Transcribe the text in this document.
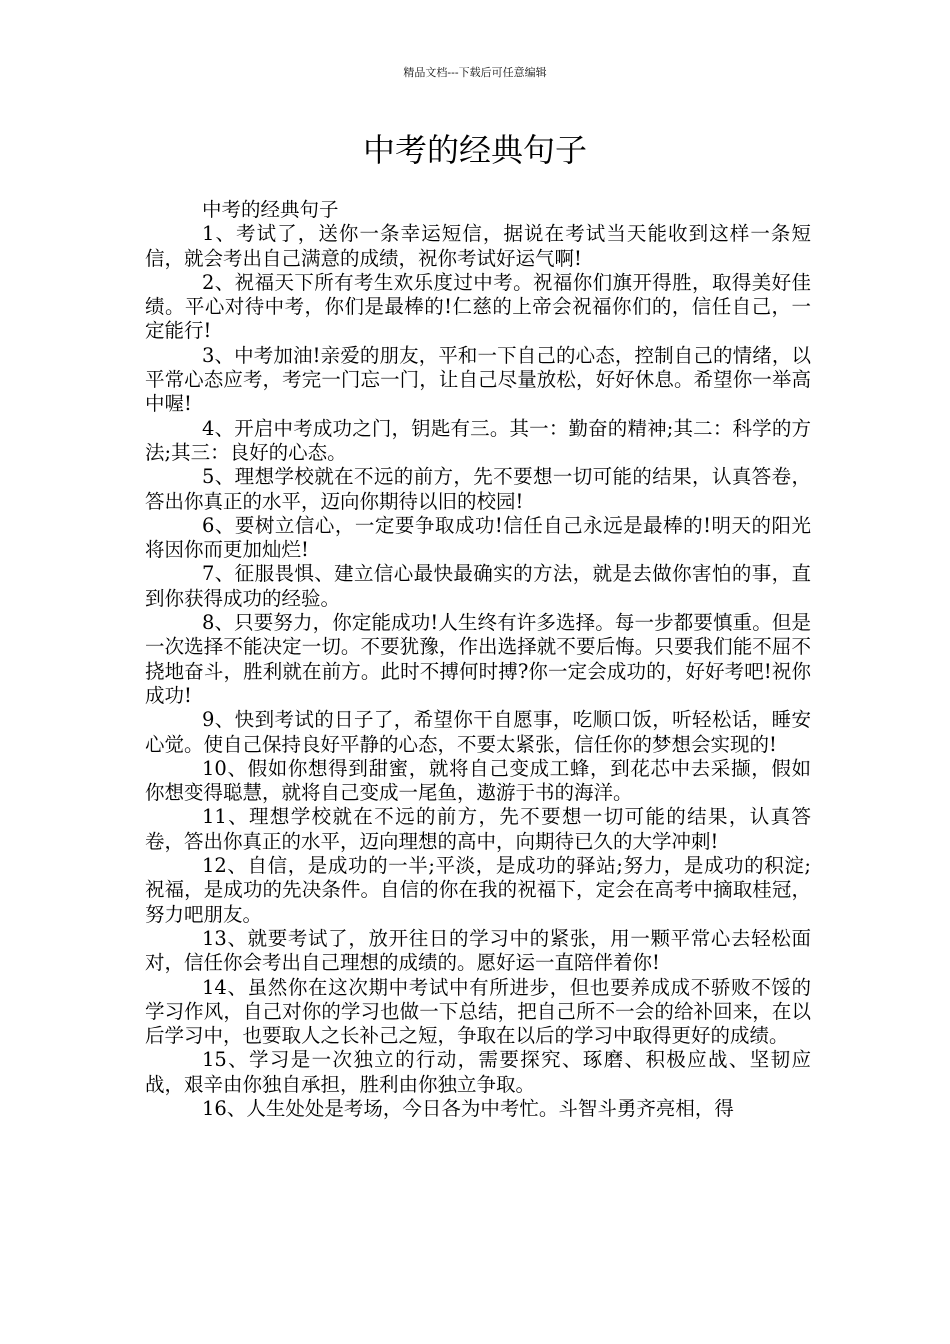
精品文档---下载后可任意编辑
中考的经典句子

中考的经典句子

1、考试了，送你一条幸运短信，据说在考试当天能收到这样一条短信，就会考出自己满意的成绩，祝你考试好运气啊!

2、祝福天下所有考生欢乐度过中考。祝福你们旗开得胜，取得美好佳绩。平心对待中考，你们是最棒的!仁慈的上帝会祝福你们的，信任自己，一定能行!

3、中考加油!亲爱的朋友，平和一下自己的心态，控制自己的情绪，以平常心态应考，考完一门忘一门，让自己尽量放松，好好休息。希望你一举高中喔!

4、开启中考成功之门，钥匙有三。其一：勤奋的精神;其二：科学的方法;其三：良好的心态。

5、理想学校就在不远的前方，先不要想一切可能的结果，认真答卷，答出你真正的水平，迈向你期待以旧的校园!

6、要树立信心，一定要争取成功!信任自己永远是最棒的!明天的阳光将因你而更加灿烂!

7、征服畏惧、建立信心最快最确实的方法，就是去做你害怕的事，直到你获得成功的经验。

8、只要努力，你定能成功!人生终有许多选择。每一步都要慎重。但是一次选择不能决定一切。不要犹豫，作出选择就不要后悔。只要我们能不屈不挠地奋斗，胜利就在前方。此时不搏何时搏?你一定会成功的，好好考吧!祝你成功!

9、快到考试的日子了，希望你干自愿事，吃顺口饭，听轻松话，睡安心觉。使自己保持良好平静的心态，不要太紧张，信任你的梦想会实现的!

10、假如你想得到甜蜜，就将自己变成工蜂，到花芯中去采撷，假如你想变得聪慧，就将自己变成一尾鱼，遨游于书的海洋。

11、理想学校就在不远的前方，先不要想一切可能的结果，认真答卷，答出你真正的水平，迈向理想的高中，向期待已久的大学冲刺!

12、自信，是成功的一半;平淡，是成功的驿站;努力，是成功的积淀;祝福，是成功的先决条件。自信的你在我的祝福下，定会在高考中摘取桂冠，努力吧朋友。

13、就要考试了，放开往日的学习中的紧张，用一颗平常心去轻松面对，信任你会考出自己理想的成绩的。愿好运一直陪伴着你!

14、虽然你在这次期中考试中有所进步，但也要养成成不骄败不馁的学习作风，自己对你的学习也做一下总结，把自己所不一会的给补回来，在以后学习中，也要取人之长补己之短，争取在以后的学习中取得更好的成绩。

15、学习是一次独立的行动，需要探究、琢磨、积极应战、坚韧应战，艰辛由你独自承担，胜利由你独立争取。

16、人生处处是考场，今日各为中考忙。斗智斗勇齐亮相，得
